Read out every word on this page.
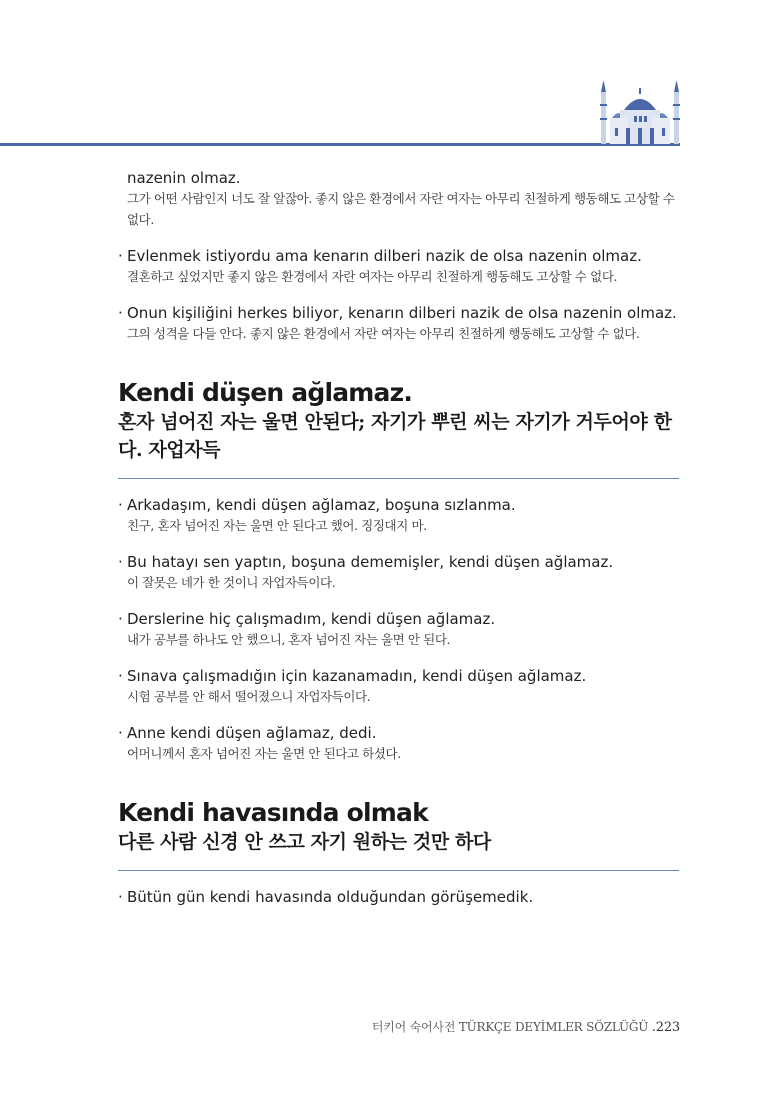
nazenin olmaz.
그가 어떤 사람인지 너도 잘 알잖아. 좋지 않은 환경에서 자란 여자는 아무리 친절하게 행동해도 고상할 수 없다.
· Evlenmek istiyordu ama kenarın dilberi nazik de olsa nazenin olmaz.
결혼하고 싶었지만 좋지 않은 환경에서 자란 여자는 아무리 친절하게 행동해도 고상할 수 없다.
· Onun kişiliğini herkes biliyor, kenarın dilberi nazik de olsa nazenin olmaz.
그의 성격을 다들 안다. 좋지 않은 환경에서 자란 여자는 아무리 친절하게 행동해도 고상할 수 없다.
Kendi düşen ağlamaz.
혼자 넘어진 자는 울면 안된다; 자기가 뿌린 씨는 자기가 거두어야 한다. 자업자득
· Arkadaşım, kendi düşen ağlamaz, boşuna sızlanma.
친구, 혼자 넘어진 자는 울면 안 된다고 했어. 징징대지 마.
· Bu hatayı sen yaptın, boşuna dememişler, kendi düşen ağlamaz.
이 잘못은 네가 한 것이니 자업자득이다.
· Derslerine hiç çalışmadım, kendi düşen ağlamaz.
내가 공부를 하나도 안 했으니, 혼자 넘어진 자는 울면 안 된다.
· Sınava çalışmadığın için kazanamadın, kendi düşen ağlamaz.
시험 공부를 안 해서 떨어졌으니 자업자득이다.
· Anne kendi düşen ağlamaz, dedi.
어머니께서 혼자 넘어진 자는 울면 안 된다고 하셨다.
Kendi havasında olmak
다른 사람 신경 안 쓰고 자기 원하는 것만 하다
· Bütün gün kendi havasında olduğundan görüşemedik.
터키어 숙어사전 TÜRKÇE DEYİMLER SÖZLÜĞÜ .223
